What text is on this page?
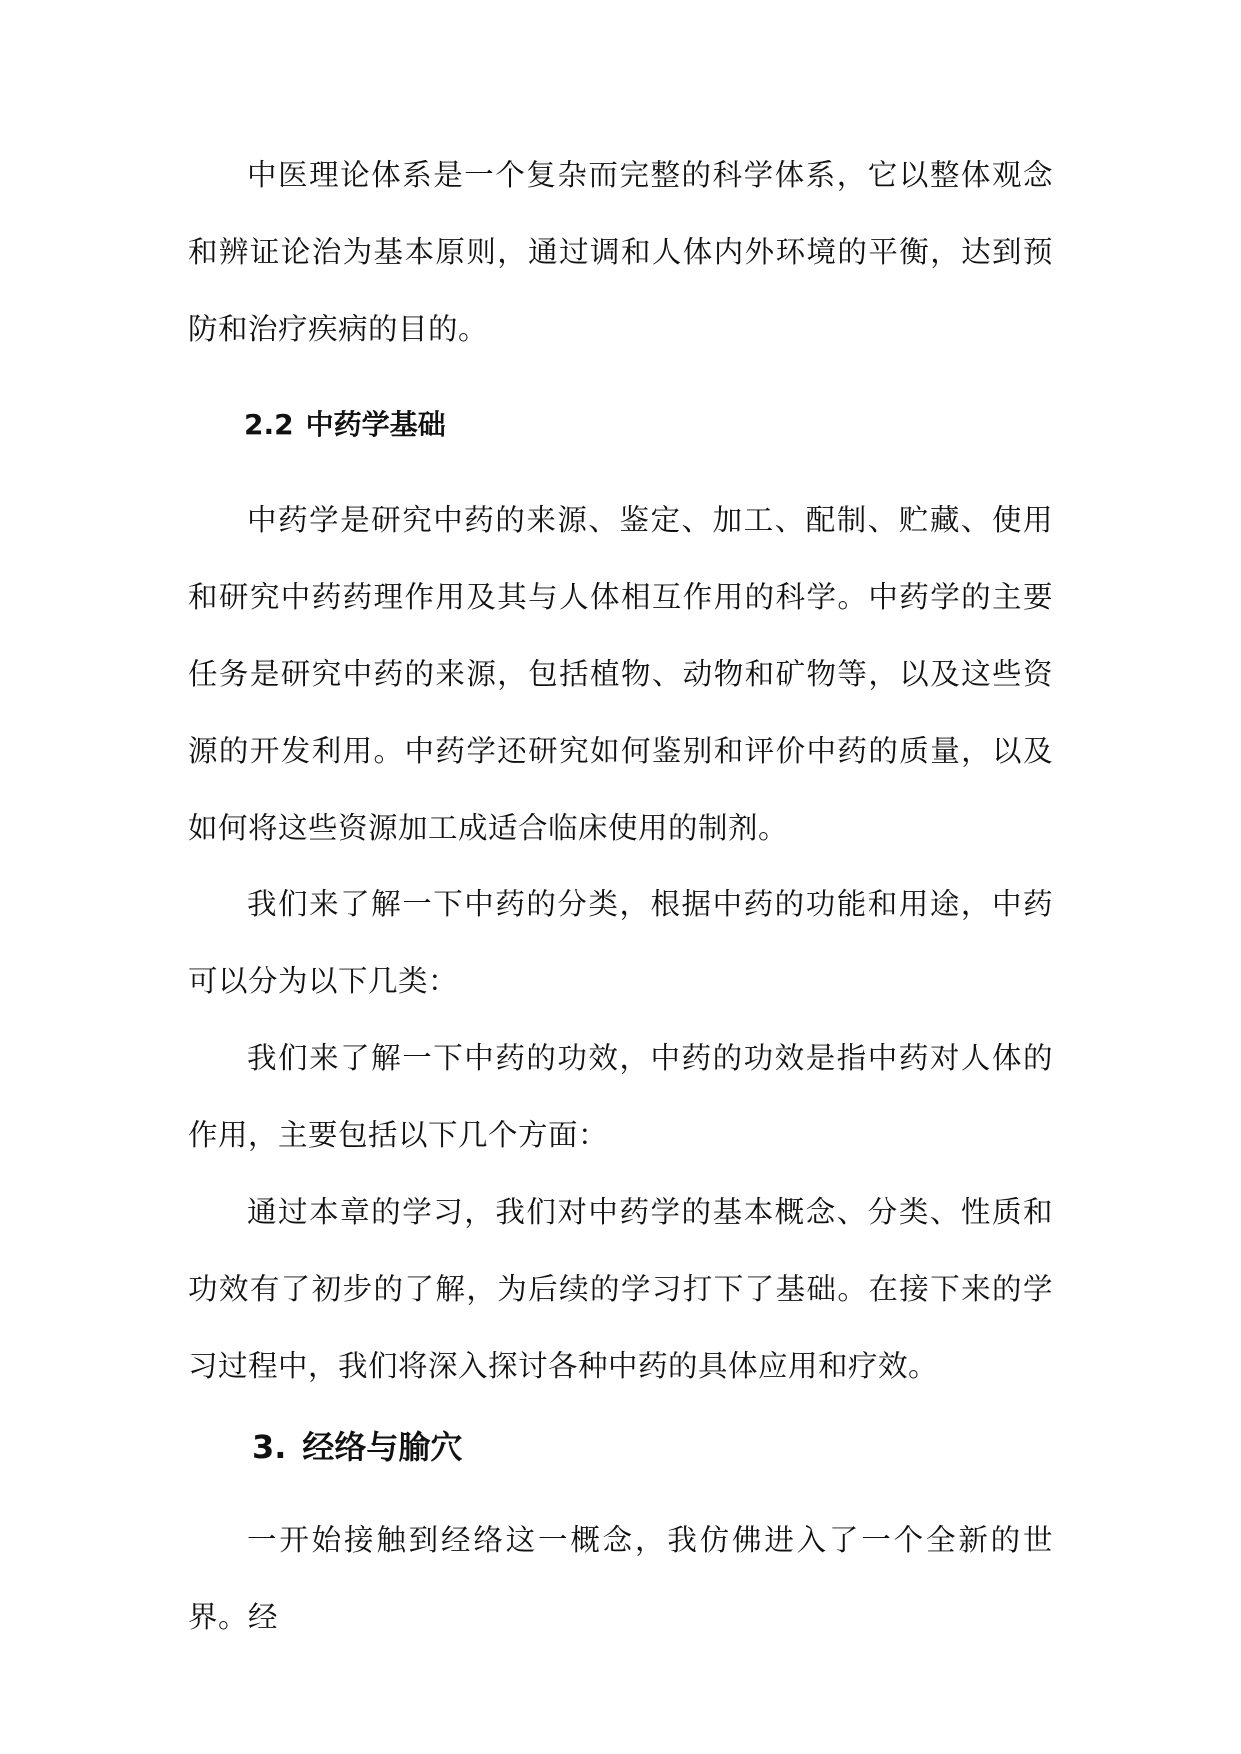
中医理论体系是一个复杂而完整的科学体系，它以整体观念和辨证论治为基本原则，通过调和人体内外环境的平衡，达到预防和治疗疾病的目的。

2.2 中药学基础

中药学是研究中药的来源、鉴定、加工、配制、贮藏、使用和研究中药药理作用及其与人体相互作用的科学。中药学的主要任务是研究中药的来源，包括植物、动物和矿物等，以及这些资源的开发利用。中药学还研究如何鉴别和评价中药的质量，以及如何将这些资源加工成适合临床使用的制剂。

我们来了解一下中药的分类，根据中药的功能和用途，中药可以分为以下几类：

我们来了解一下中药的功效，中药的功效是指中药对人体的作用，主要包括以下几个方面：

通过本章的学习，我们对中药学的基本概念、分类、性质和功效有了初步的了解，为后续的学习打下了基础。在接下来的学习过程中，我们将深入探讨各种中药的具体应用和疗效。

3. 经络与腧穴

一开始接触到经络这一概念，我仿佛进入了一个全新的世界。经
